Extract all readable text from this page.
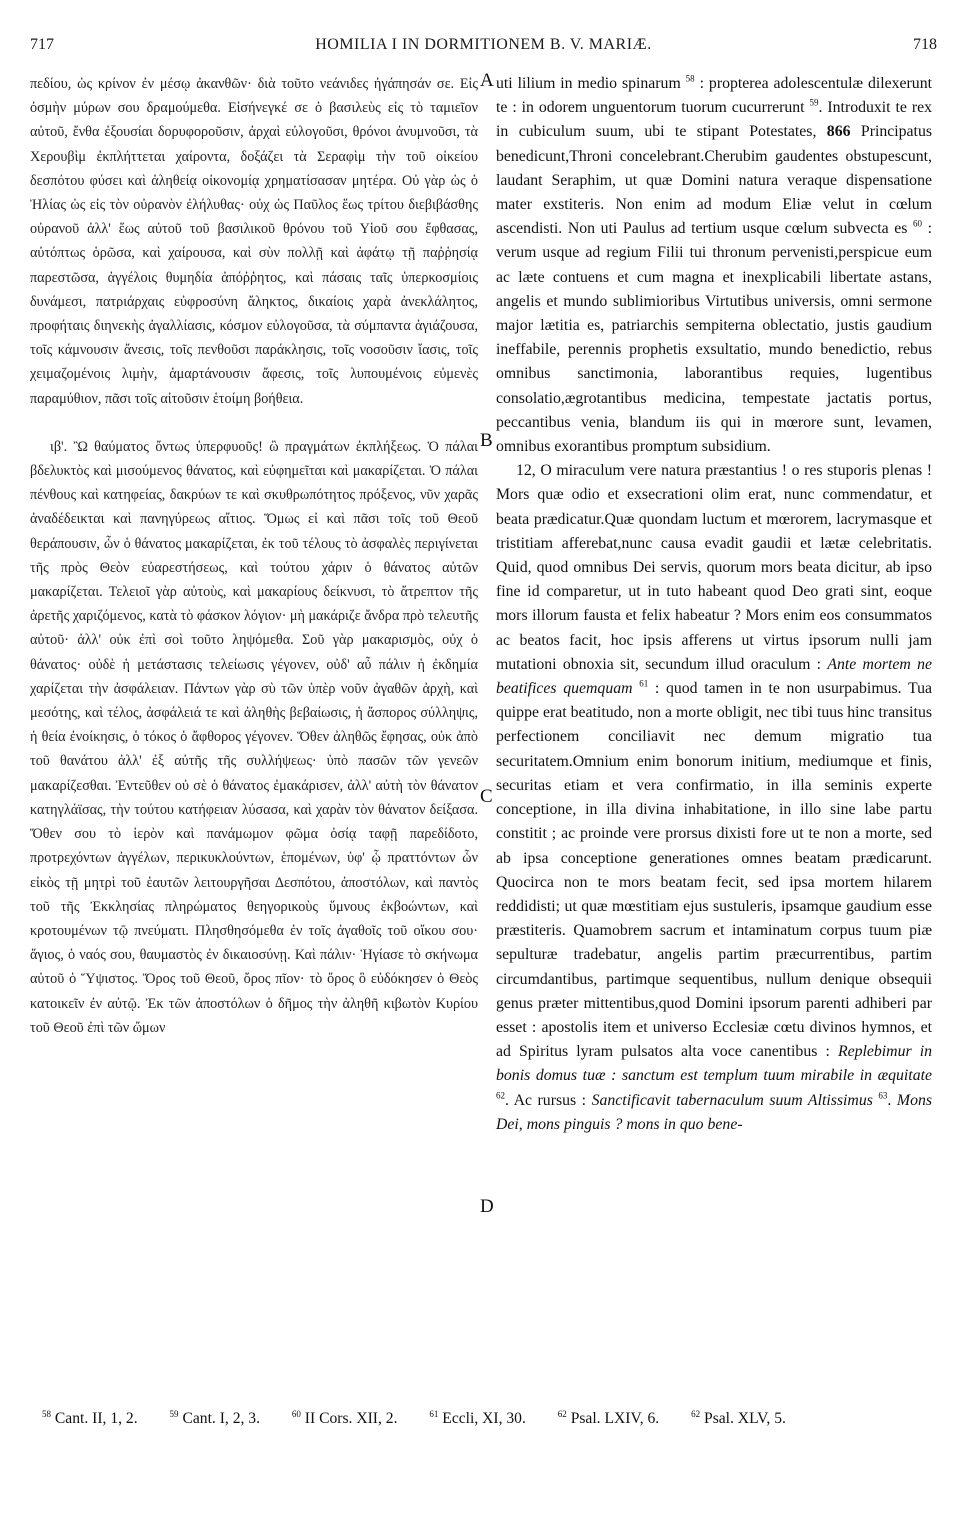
717	HOMILIA I IN DORMITIONEM B. V. MARIÆ.	718

πεδίου, ὡς κρίνον ἐν μέσῳ ἀκανθῶν· διὰ τοῦτο νεάνιδες ἠγάπησάν σε. Εἰς ὀσμὴν μύρων σου δραμούμεθα. Εἰσήνεγκέ σε ὁ βασιλεὺς εἰς τὸ ταμιεῖον αὐτοῦ, ἔνθα ἐξουσίαι δορυφοροῦσιν, ἀρχαὶ εὐλογοῦσι, θρόνοι ἀνυμνοῦσι, τὰ Χερουβὶμ ἐκπλήττεται χαίροντα, δοξάζει τὰ Σεραφὶμ τὴν τοῦ οἰκείου δεσπότου φύσει καὶ ἀληθείᾳ οἰκονομίᾳ χρηματίσασαν μητέρα. Οὐ γὰρ ὡς ὁ Ἠλίας ὡς εἰς τὸν οὐρανὸν ἐλήλυθας· οὐχ ὡς Παῦλος ἕως τρίτου διεβιβάσθης οὐρανοῦ ἀλλ' ἕως αὐτοῦ τοῦ βασιλικοῦ θρόνου τοῦ Υἱοῦ σου ἔφθασας, αὐτόπτως ὁρῶσα, καὶ χαίρουσα, καὶ σὺν πολλῇ καὶ ἀφάτῳ τῇ παῤῥησίᾳ παρεστῶσα, ἀγγέλοις θυμηδία ἀπόῤῥητος, καὶ πάσαις ταῖς ὑπερκοσμίοις δυνάμεσι, πατριάρχαις εὐφροσύνη ἄληκτος, δικαίοις χαρὰ ἀνεκλάλητος, προφήταις διηνεκὴς ἀγαλλίασις, κόσμον εὐλογοῦσα, τὰ σύμπαντα ἁγιάζουσα, τοῖς κάμνουσιν ἄνεσις, τοῖς πενθοῦσι παράκλησις, τοῖς νοσοῦσιν ἴασις, τοῖς χειμαζομένοις λιμὴν, ἁμαρτάνουσιν ἄφεσις, τοῖς λυπουμένοις εὐμενὲς παραμύθιον, πᾶσι τοῖς αἰτοῦσιν ἑτοίμη βοήθεια.

ιβ'. Ὢ θαύματος ὄντως ὑπερφυοῦς! ὢ πραγμάτων ἐκπλήξεως. Ὁ πάλαι βδελυκτὸς καὶ μισούμενος θάνατος, καὶ εὐφημεῖται καὶ μακαρίζεται. Ὁ πάλαι πένθους καὶ κατηφείας, δακρύων τε καὶ σκυθρωπότητος πρόξενος, νῦν χαρᾶς ἀναδέδεικται καὶ πανηγύρεως αἴτιος. Ὅμως εἰ καὶ πᾶσι τοῖς τοῦ Θεοῦ θεράπουσιν, ὧν ὁ θάνατος μακαρίζεται, ἐκ τοῦ τέλους τὸ ἀσφαλὲς περιγίνεται τῆς πρὸς Θεὸν εὐαρεστήσεως, καὶ τούτου χάριν ὁ θάνατος αὐτῶν μακαρίζεται. Τελειοῖ γὰρ αὐτοὺς, καὶ μακαρίους δείκνυσι, τὸ ἄτρεπτον τῆς ἀρετῆς χαριζόμενος, κατὰ τὸ φάσκον λόγιον· μὴ μακάριζε ἄνδρα πρὸ τελευτῆς αὐτοῦ· ἀλλ' οὐκ ἐπὶ σοὶ τοῦτο ληψόμεθα. Σοῦ γὰρ μακαρισμὸς, οὐχ ὁ θάνατος· οὐδὲ ἡ μετάστασις τελείωσις γέγονεν, οὐδ' αὖ πάλιν ἡ ἐκδημία χαρίζεται τὴν ἀσφάλειαν. Πάντων γὰρ σὺ τῶν ὑπὲρ νοῦν ἀγαθῶν ἀρχὴ, καὶ μεσότης, καὶ τέλος, ἀσφάλειά τε καὶ ἀληθὴς βεβαίωσις, ἡ ἄσπορος σύλληψις, ἡ θεία ἐνοίκησις, ὁ τόκος ὁ ἄφθορος γέγονεν. Ὅθεν ἀληθῶς ἔφησας, οὐκ ἀπὸ τοῦ θανάτου ἀλλ' ἐξ αὐτῆς τῆς συλλήψεως· ὑπὸ πασῶν τῶν γενεῶν μακαρίζεσθαι. Ἐντεῦθεν οὐ σὲ ὁ θάνατος ἐμακάρισεν, ἀλλ' αὐτὴ τὸν θάνατον κατηγλάϊσας, τὴν τούτου κατήφειαν λύσασα, καὶ χαρὰν τὸν θάνατον δείξασα. Ὅθεν σου τὸ ἱερὸν καὶ πανάμωμον φῶμα ὁσίᾳ ταφῇ παρεδίδοτο, προτρεχόντων ἀγγέλων, περικυκλούντων, ἑπομένων, ὑφ' ᾧ πραττόντων ὧν εἰκὸς τῇ μητρὶ τοῦ ἑαυτῶν λειτουργῆσαι Δεσπότου, ἀποστόλων, καὶ παντὸς τοῦ τῆς Ἐκκλησίας πληρώματος θεηγορικοὺς ὕμνους ἐκβοώντων, καὶ κροτουμένων τῷ πνεύματι. Πλησθησόμεθα ἐν τοῖς ἀγαθοῖς τοῦ οἴκου σου· ἅγιος, ὁ ναός σου, θαυμαστὸς ἐν δικαιοσύνῃ. Καὶ πάλιν· Ἡγίασε τὸ σκήνωμα αὐτοῦ ὁ Ὕψιστος. Ὄρος τοῦ Θεοῦ, ὄρος πῖον· τὸ ὄρος ὃ εὐδόκησεν ὁ Θεὸς κατοικεῖν ἐν αὐτῷ. Ἐκ τῶν ἀποστόλων ὁ δῆμος τὴν ἀληθῆ κιβωτὸν Κυρίου τοῦ Θεοῦ ἐπὶ τῶν ὤμων

A
B
C
D

uti lilium in medio spinarum $^{58}$ : propterea adolescentulæ dilexerunt te : in odorem unguentorum tuorum cucurrerunt $^{59}$. Introduxit te rex in cubiculum suum, ubi te stipant Potestates, 866 Principatus benedicunt,Throni concelebrant.Cherubim gaudentes obstupescunt, laudant Seraphim, ut quæ Domini natura veraque dispensatione mater exstiteris. Non enim ad modum Eliæ velut in cœlum ascendisti. Non uti Paulus ad tertium usque cœlum subvecta es $^{60}$ : verum usque ad regium Filii tui thronum pervenisti,perspicue eum ac læte contuens et cum magna et inexplicabili libertate astans, angelis et mundo sublimioribus Virtutibus universis, omni sermone major lætitia es, patriarchis sempiterna oblectatio, justis gaudium ineffabile, perennis prophetis exsultatio, mundo benedictio, rebus omnibus sanctimonia, laborantibus requies, lugentibus consolatio,ægrotantibus medicina, tempestate jactatis portus, peccantibus venia, blandum iis qui in mœrore sunt, levamen, omnibus exorantibus promptum subsidium.

12, O miraculum vere natura præstantius ! o res stuporis plenas ! Mors quæ odio et exsecrationi olim erat, nunc commendatur, et beata prædicatur.Quæ quondam luctum et mœrorem, lacrymasque et tristitiam afferebat,nunc causa evadit gaudii et lætæ celebritatis. Quid, quod omnibus Dei servis, quorum mors beata dicitur, ab ipso fine id comparetur, ut in tuto habeant quod Deo grati sint, eoque mors illorum fausta et felix habeatur ? Mors enim eos consummatos ac beatos facit, hoc ipsis afferens ut virtus ipsorum nulli jam mutationi obnoxia sit, secundum illud oraculum : Ante mortem ne beatifices quemquam $^{61}$ : quod tamen in te non usurpabimus. Tua quippe erat beatitudo, non a morte obligit, nec tibi tuus hinc transitus perfectionem conciliavit nec demum migratio tua securitatem.Omnium enim bonorum initium, mediumque et finis, securitas etiam et vera confirmatio, in illa seminis experte conceptione, in illa divina inhabitatione, in illo sine labe partu constitit ; ac proinde vere prorsus dixisti fore ut te non a morte, sed ab ipsa conceptione generationes omnes beatam prædicarunt. Quocirca non te mors beatam fecit, sed ipsa mortem hilarem reddidisti; ut quæ mœstitiam ejus sustuleris, ipsamque gaudium esse præstiteris. Quamobrem sacrum et intaminatum corpus tuum piæ sepulturæ tradebatur, angelis partim præcurrentibus, partim circumdantibus, partimque sequentibus, nullum denique obsequii genus præter mittentibus,quod Domini ipsorum parenti adhiberi par esset : apostolis item et universo Ecclesiæ cœtu divinos hymnos, et ad Spiritus lyram pulsatos alta voce canentibus : Replebimur in bonis domus tuæ : sanctum est templum tuum mirabile in æquitate $^{62}$. Ac rursus : Sanctificavit tabernaculum suum Altissimus $^{63}$. Mons Dei, mons pinguis ? mons in quo bene-

$^{58}$ Cant. II, 1, 2.	$^{59}$ Cant. I, 2, 3.	$^{60}$ II Cors. XII, 2.	$^{61}$ Eccli, XI, 30.	$^{62}$ Psal. LXIV, 6.	$^{62}$ Psal. XLV, 5.
